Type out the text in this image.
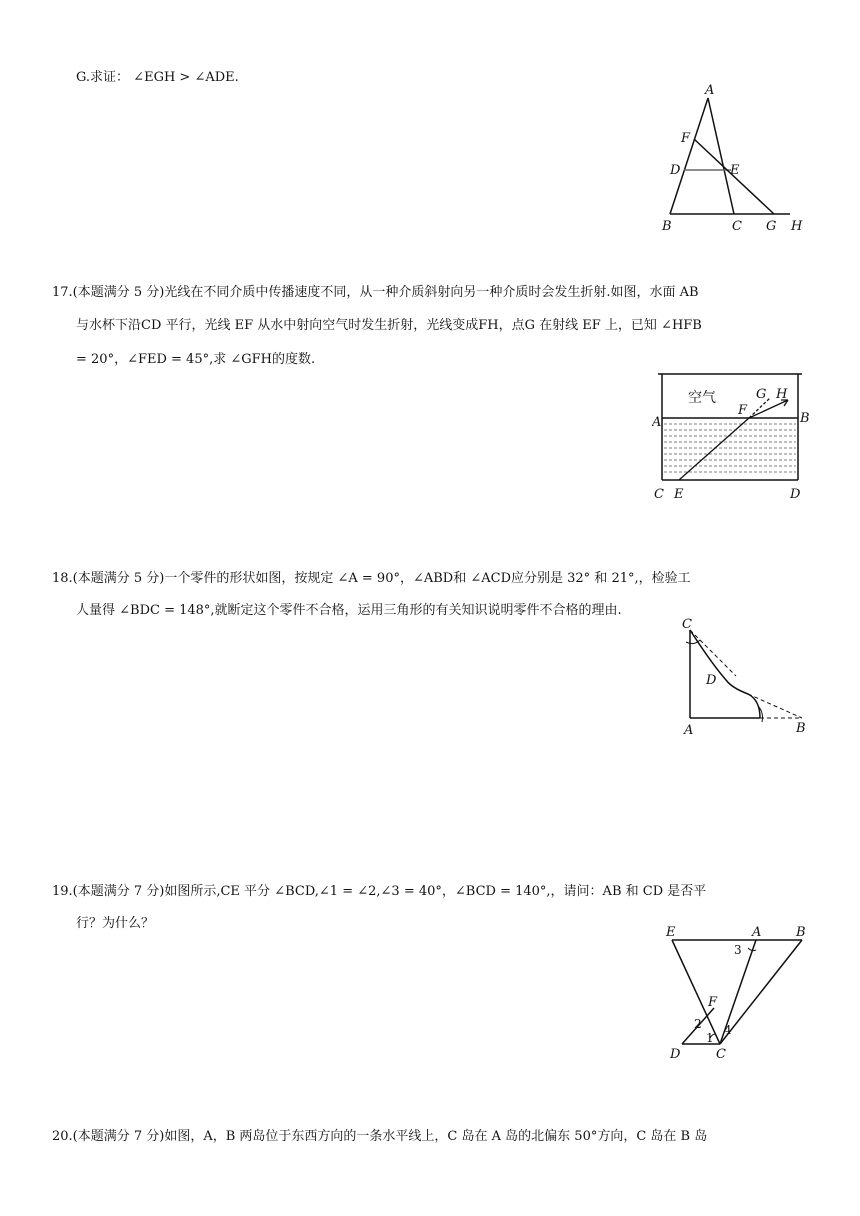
G.求证： ∠EGH > ∠ADE.
A
F
D	E
B	C G H
17.(本题满分 5 分)光线在不同介质中传播速度不同，从一种介质斜射向另一种介质时会发生折射.如图，水面 AB
与水杯下沿CD 平行，光线 EF 从水中射向空气时发生折射，光线变成FH，点G 在射线 EF 上，已知 ∠HFB
= 20°，∠FED = 45°,求 ∠GFH的度数.
空气
A	B
C	D
E
F
G H
18.(本题满分 5 分)一个零件的形状如图，按规定 ∠A = 90°，∠ABD和 ∠ACD应分别是 32° 和 21°,，检验工
人量得 ∠BDC = 148°,就断定这个零件不合格，运用三角形的有关知识说明零件不合格的理由.
C
D
A	B
19.(本题满分 7 分)如图所示,CE 平分 ∠BCD,∠1 = ∠2,∠3 = 40°，∠BCD = 140°,，请问：AB 和 CD 是否平
行？为什么？
E	A	B
F
D	C
1
2
3
4
20.(本题满分 7 分)如图，A，B 两岛位于东西方向的一条水平线上，C 岛在 A 岛的北偏东 50°方向，C 岛在 B 岛
